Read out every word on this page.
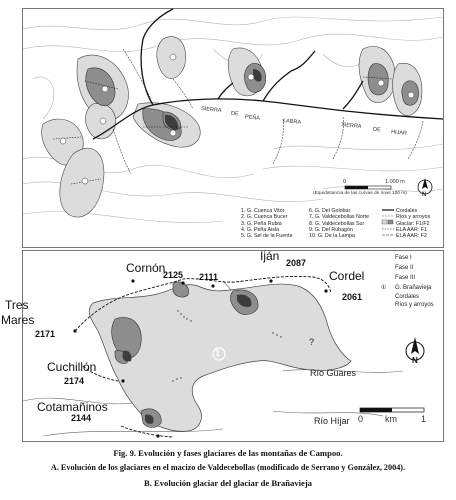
SIERRA DE
PEÑA
LABRA	SIERRA DE HIJAR
0	1.000 m
(Equidistancia de las curvas de nivel 100 m)	N
1. G. Cuenca Vitor
2. G. Cuenca Bucer
3. G. Peña Rubia
4. G. Peña Aisla
5. G. Sel de la Fuente
6. G. Del Golobar
7. G. Valdecebollas Norte
8. G. Valdecebollas Sur
9. G. Del Rubagón
10. G. De la Lampa
Cordales
Ríos y arroyos
Glaciar: F1/F2
ELA AAR: F1
ELA AAR: F2
Cornón
2125
Iján 2087
2111	Cordel
2061
Tres
Mares
2171
Cuchillón
2174
Cotamañinos
2144
1
?
Río Guares
Río Híjar
N
0 km	1
Fase I
Fase II
Fase III
① G. Brañavieja
Cordales
Ríos y arroyos
Fig. 9. Evolución y fases glaciares de las montañas de Campoo.
A. Evolución de los glaciares en el macizo de Valdecebollas (modificado de Serrano y González, 2004).
B. Evolución glaciar del glaciar de Brañavieja
